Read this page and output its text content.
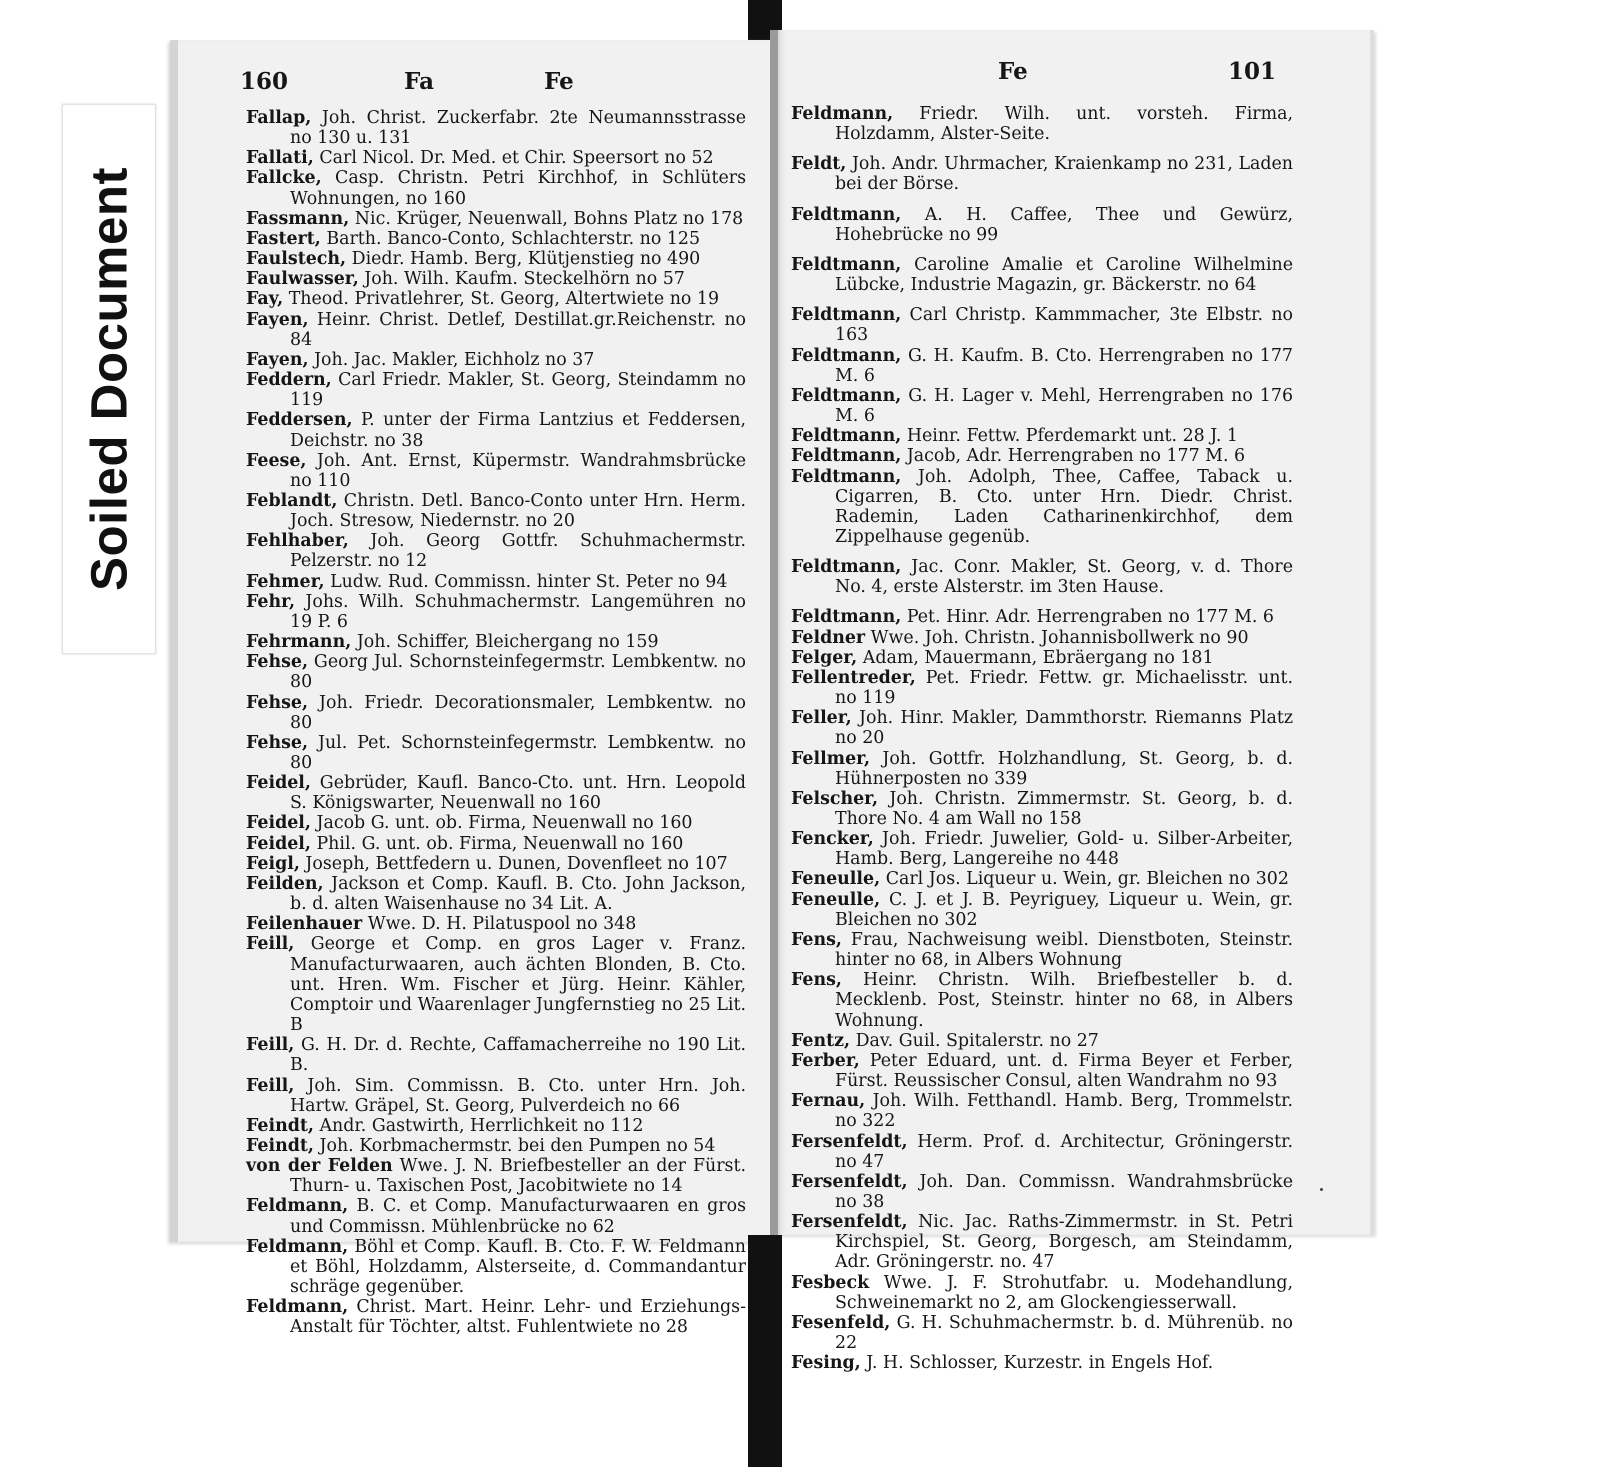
160	Fa	Fe
Fallap, Joh. Christ. Zuckerfabr. 2te Neumannsstrasse no 130 u. 131
Fallati, Carl Nicol. Dr. Med. et Chir. Speersort no 52
Fallcke, Casp. Christn. Petri Kirchhof, in Schlüters Wohnungen, no 160
Fassmann, Nic. Krüger, Neuenwall, Bohns Platz no 178
Fastert, Barth. Banco-Conto, Schlachterstr. no 125
Faulstech, Diedr. Hamb. Berg, Klütjenstieg no 490
Faulwasser, Joh. Wilh. Kaufm. Steckelhörn no 57
Fay, Theod. Privatlehrer, St. Georg, Altertwiete no 19
Fayen, Heinr. Christ. Detlef, Destillat.gr.Reichenstr. no 84
Fayen, Joh. Jac. Makler, Eichholz no 37
Feddern, Carl Friedr. Makler, St. Georg, Steindamm no 119
Feddersen, P. unter der Firma Lantzius et Feddersen, Deichstr. no 38
Feese, Joh. Ant. Ernst, Küpermstr. Wandrahmsbrücke no 110
Feblandt, Christn. Detl. Banco-Conto unter Hrn. Herm. Joch. Stresow, Niedernstr. no 20
Fehlhaber, Joh. Georg Gottfr. Schuhmachermstr. Pelzerstr. no 12
Fehmer, Ludw. Rud. Commissn. hinter St. Peter no 94
Fehr, Johs. Wilh. Schuhmachermstr. Langemühren no 19 P. 6
Fehrmann, Joh. Schiffer, Bleichergang no 159
Fehse, Georg Jul. Schornsteinfegermstr. Lembkentw. no 80
Fehse, Joh. Friedr. Decorationsmaler, Lembkentw. no 80
Fehse, Jul. Pet. Schornsteinfegermstr. Lembkentw. no 80
Feidel, Gebrüder, Kaufl. Banco-Cto. unt. Hrn. Leopold S. Königswarter, Neuenwall no 160
Feidel, Jacob G. unt. ob. Firma, Neuenwall no 160
Feidel, Phil. G. unt. ob. Firma, Neuenwall no 160
Feigl, Joseph, Bettfedern u. Dunen, Dovenfleet no 107
Feilden, Jackson et Comp. Kaufl. B. Cto. John Jackson, b. d. alten Waisenhause no 34 Lit. A.
Feilenhauer Wwe. D. H. Pilatuspool no 348
Feill, George et Comp. en gros Lager v. Franz. Manufacturwaaren, auch ächten Blonden, B. Cto. unt. Hren. Wm. Fischer et Jürg. Heinr. Kähler, Comptoir und Waarenlager Jungfernstieg no 25 Lit. B
Feill, G. H. Dr. d. Rechte, Caffamacherreihe no 190 Lit. B.
Feill, Joh. Sim. Commissn. B. Cto. unter Hrn. Joh. Hartw. Gräpel, St. Georg, Pulverdeich no 66
Feindt, Andr. Gastwirth, Herrlichkeit no 112
Feindt, Joh. Korbmachermstr. bei den Pumpen no 54
von der Felden Wwe. J. N. Briefbesteller an der Fürst. Thurn- u. Taxischen Post, Jacobitwiete no 14
Feldmann, B. C. et Comp. Manufacturwaaren en gros und Commissn. Mühlenbrücke no 62
Feldmann, Böhl et Comp. Kaufl. B. Cto. F. W. Feldmann et Böhl, Holzdamm, Alsterseite, d. Commandantur schräge gegenüber.
Feldmann, Christ. Mart. Heinr. Lehr- und Erziehungs-Anstalt für Töchter, altst. Fuhlentwiete no 28
Fe	101
Feldmann, Friedr. Wilh. unt. vorsteh. Firma, Holzdamm, Alster-Seite.
Feldt, Joh. Andr. Uhrmacher, Kraienkamp no 231, Laden bei der Börse.
Feldtmann, A. H. Caffee, Thee und Gewürz, Hohebrücke no 99
Feldtmann, Caroline Amalie et Caroline Wilhelmine Lübcke, Industrie Magazin, gr. Bäckerstr. no 64
Feldtmann, Carl Christp. Kammmacher, 3te Elbstr. no 163
Feldtmann, G. H. Kaufm. B. Cto. Herrengraben no 177 M. 6
Feldtmann, G. H. Lager v. Mehl, Herrengraben no 176 M. 6
Feldtmann, Heinr. Fettw. Pferdemarkt unt. 28 J. 1
Feldtmann, Jacob, Adr. Herrengraben no 177 M. 6
Feldtmann, Joh. Adolph, Thee, Caffee, Taback u. Cigarren, B. Cto. unter Hrn. Diedr. Christ. Rademin, Laden Catharinenkirchhof, dem Zippelhause gegenüb.
Feldtmann, Jac. Conr. Makler, St. Georg, v. d. Thore No. 4, erste Alsterstr. im 3ten Hause.
Feldtmann, Pet. Hinr. Adr. Herrengraben no 177 M. 6
Feldner Wwe. Joh. Christn. Johannisbollwerk no 90
Felger, Adam, Mauermann, Ebräergang no 181
Fellentreder, Pet. Friedr. Fettw. gr. Michaelisstr. unt. no 119
Feller, Joh. Hinr. Makler, Dammthorstr. Riemanns Platz no 20
Fellmer, Joh. Gottfr. Holzhandlung, St. Georg, b. d. Hühnerposten no 339
Felscher, Joh. Christn. Zimmermstr. St. Georg, b. d. Thore No. 4 am Wall no 158
Fencker, Joh. Friedr. Juwelier, Gold- u. Silber-Arbeiter, Hamb. Berg, Langereihe no 448
Feneulle, Carl Jos. Liqueur u. Wein, gr. Bleichen no 302
Feneulle, C. J. et J. B. Peyriguey, Liqueur u. Wein, gr. Bleichen no 302
Fens, Frau, Nachweisung weibl. Dienstboten, Steinstr. hinter no 68, in Albers Wohnung
Fens, Heinr. Christn. Wilh. Briefbesteller b. d. Mecklenb. Post, Steinstr. hinter no 68, in Albers Wohnung.
Fentz, Dav. Guil. Spitalerstr. no 27
Ferber, Peter Eduard, unt. d. Firma Beyer et Ferber, Fürst. Reussischer Consul, alten Wandrahm no 93
Fernau, Joh. Wilh. Fetthandl. Hamb. Berg, Trommelstr. no 322
Fersenfeldt, Herm. Prof. d. Architectur, Gröningerstr. no 47
Fersenfeldt, Joh. Dan. Commissn. Wandrahmsbrücke no 38
Fersenfeldt, Nic. Jac. Raths-Zimmermstr. in St. Petri Kirchspiel, St. Georg, Borgesch, am Steindamm, Adr. Gröningerstr. no. 47
Fesbeck Wwe. J. F. Strohutfabr. u. Modehandlung, Schweinemarkt no 2, am Glockengiesserwall.
Fesenfeld, G. H. Schuhmachermstr. b. d. Mührenüb. no 22
Fesing, J. H. Schlosser, Kurzestr. in Engels Hof.
Soiled Document
